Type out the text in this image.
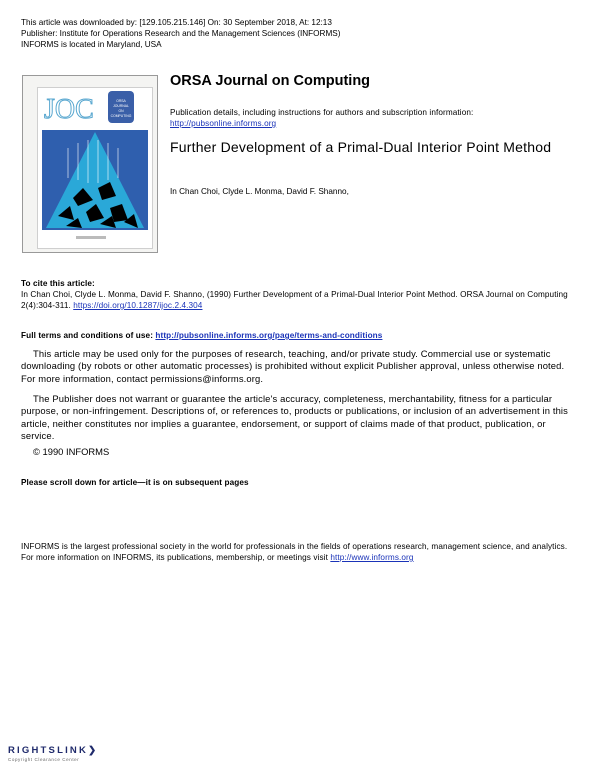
This article was downloaded by: [129.105.215.146] On: 30 September 2018, At: 12:13
Publisher: Institute for Operations Research and the Management Sciences (INFORMS)
INFORMS is located in Maryland, USA
JOC	ORSA
JOURNAL
ON
COMPUTING
ORSA Journal on Computing
Publication details, including instructions for authors and subscription information:
http://pubsonline.informs.org
Further Development of a Primal-Dual Interior Point Method
In Chan Choi, Clyde L. Monma, David F. Shanno,
To cite this article:
In Chan Choi, Clyde L. Monma, David F. Shanno, (1990) Further Development of a Primal-Dual Interior Point Method. ORSA Journal on Computing 2(4):304-311. https://doi.org/10.1287/ijoc.2.4.304
Full terms and conditions of use: http://pubsonline.informs.org/page/terms-and-conditions
This article may be used only for the purposes of research, teaching, and/or private study. Commercial use or systematic downloading (by robots or other automatic processes) is prohibited without explicit Publisher approval, unless otherwise noted. For more information, contact permissions@informs.org.
The Publisher does not warrant or guarantee the article's accuracy, completeness, merchantability, fitness for a particular purpose, or non-infringement. Descriptions of, or references to, products or publications, or inclusion of an advertisement in this article, neither constitutes nor implies a guarantee, endorsement, or support of claims made of that product, publication, or service.
© 1990 INFORMS
Please scroll down for article—it is on subsequent pages
INFORMS is the largest professional society in the world for professionals in the fields of operations research, management science, and analytics.
For more information on INFORMS, its publications, membership, or meetings visit http://www.informs.org
RIGHTSLINK❯
Copyright Clearance Center
